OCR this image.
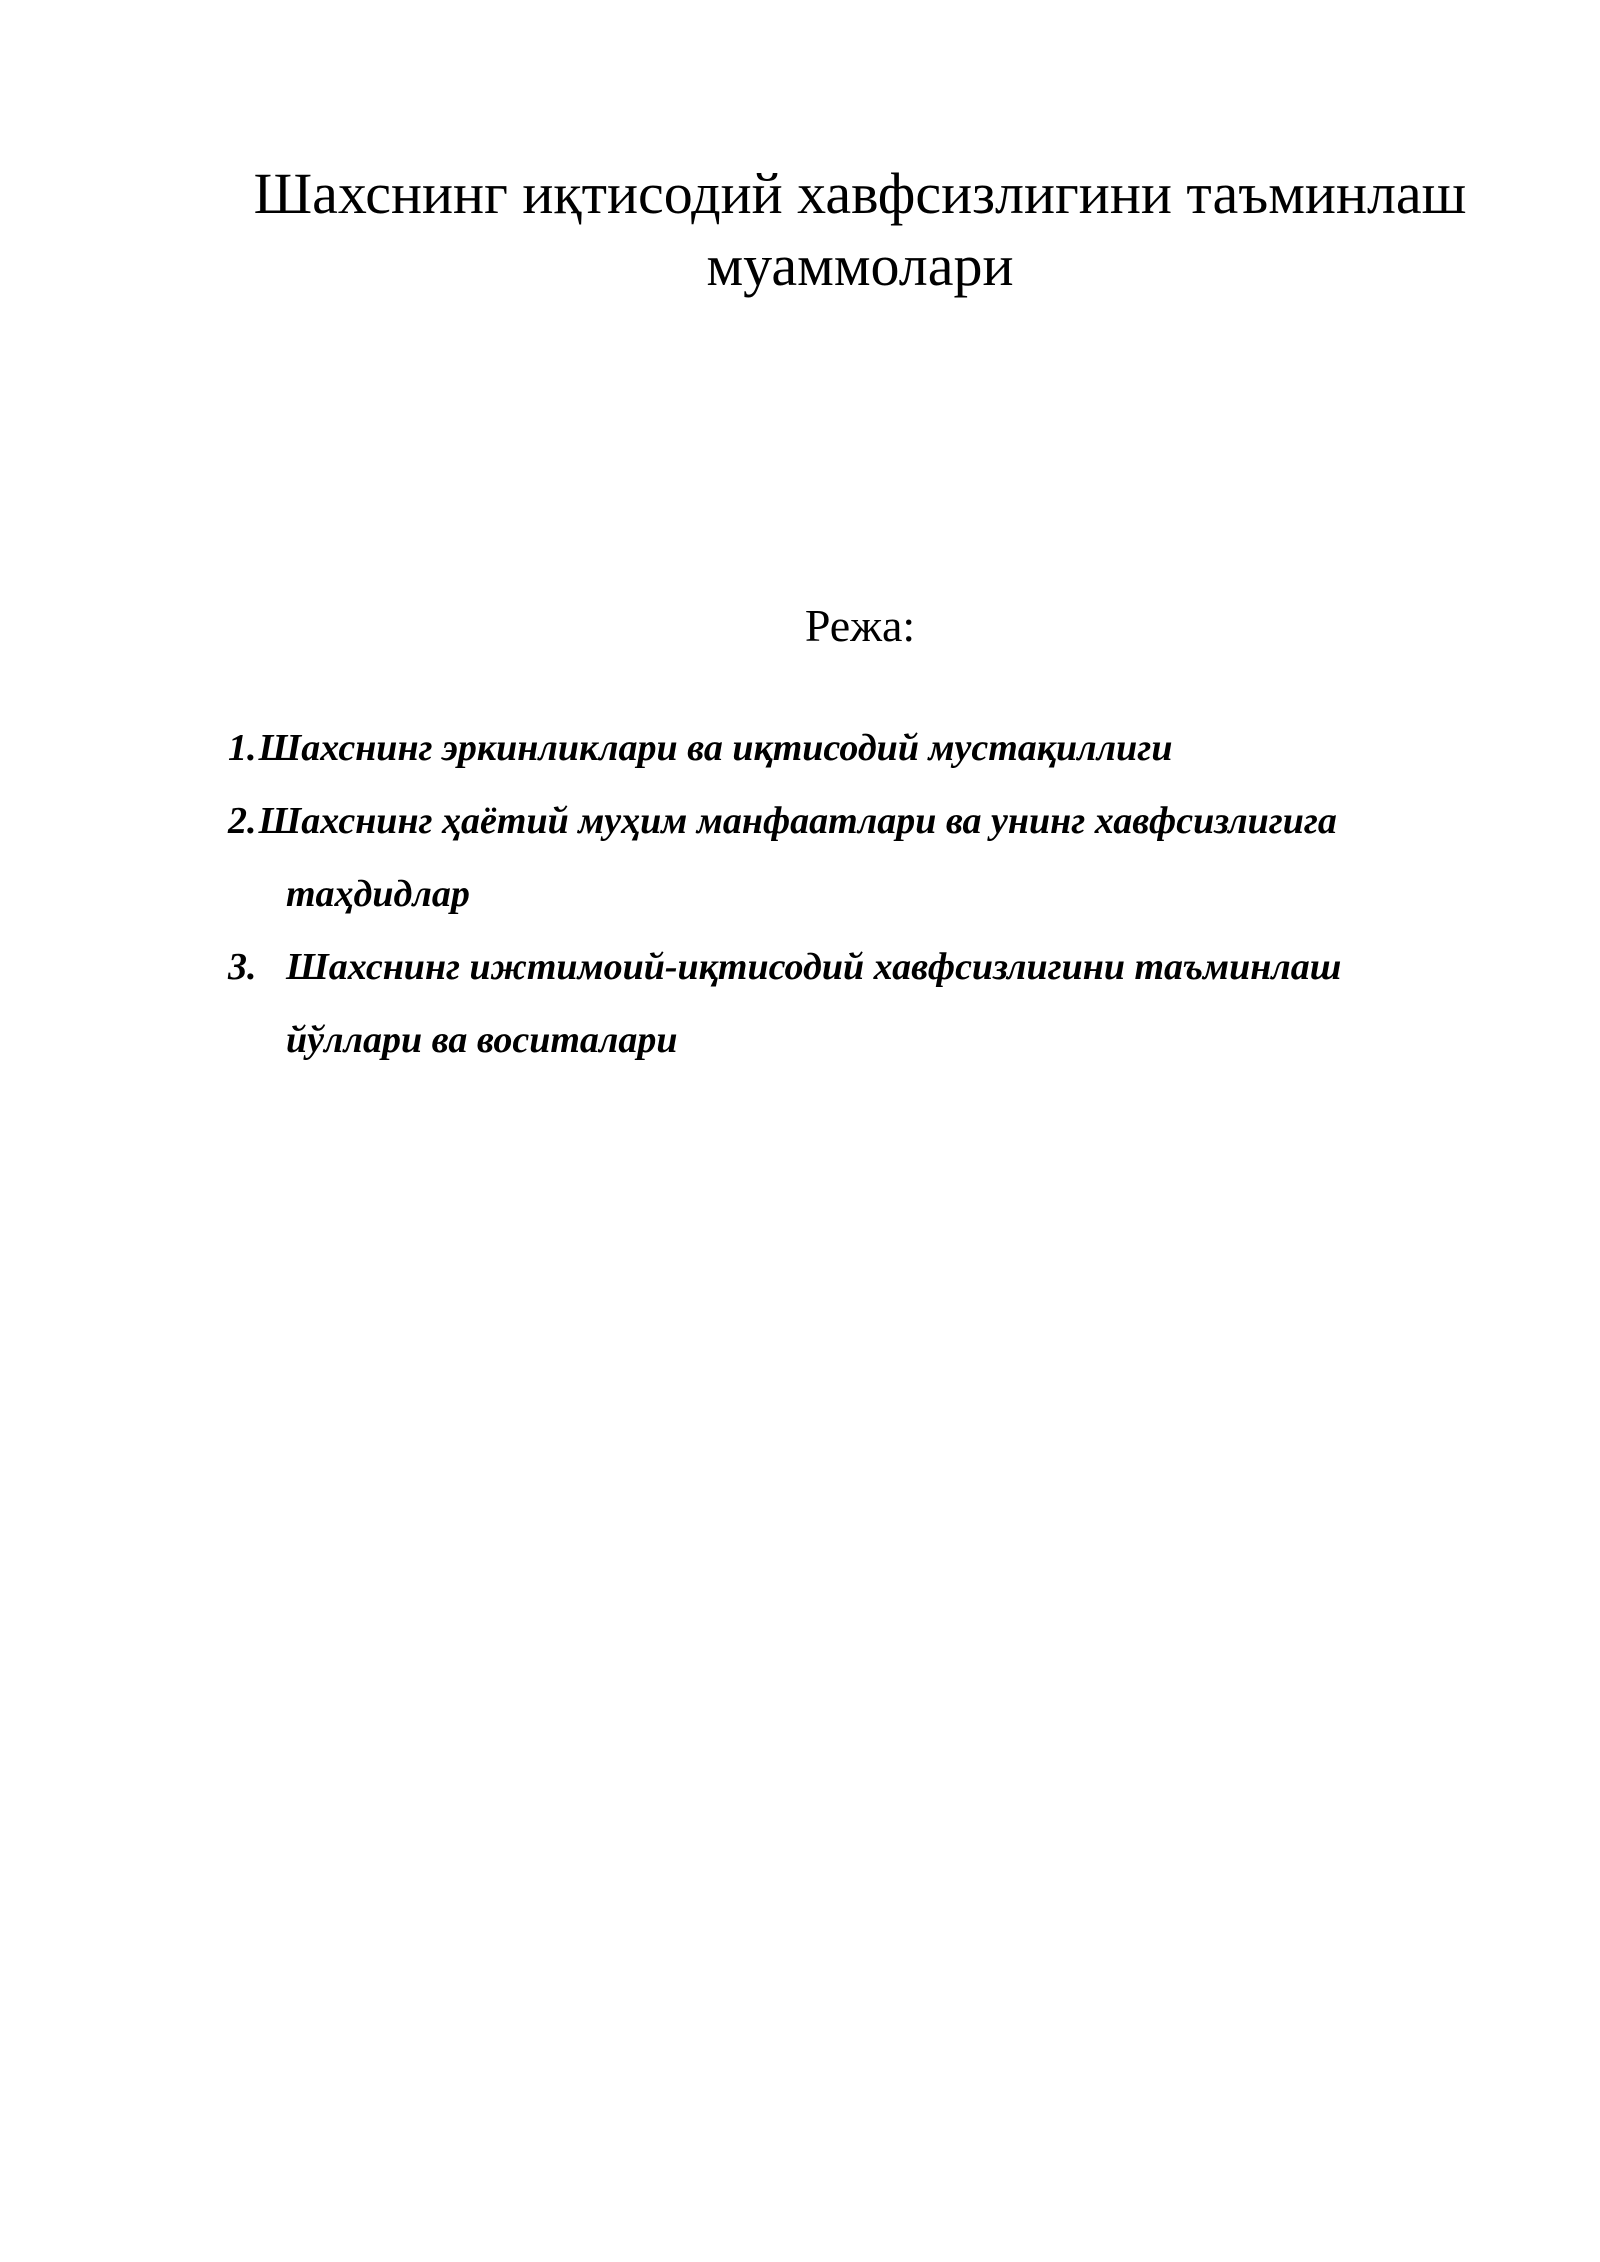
Шахснинг иқтисодий хавфсизлигини таъминлаш
муаммолари
Режа:
1.Шахснинг эркинликлари ва иқтисодий мустақиллиги
2.Шахснинг ҳаётий муҳим манфаатлари ва унинг хавфсизлигига
таҳдидлар
3. Шахснинг ижтимоий-иқтисодий хавфсизлигини таъминлаш
йўллари ва воситалари
